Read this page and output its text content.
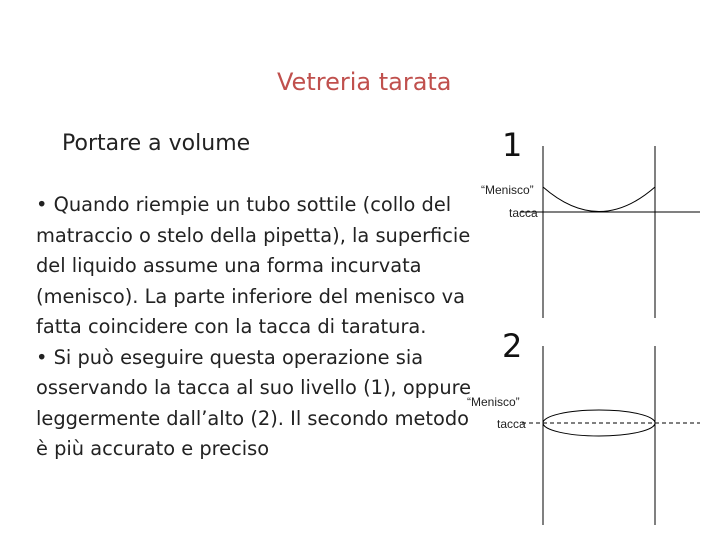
Vetreria tarata
Portare a volume

• Quando riempie un tubo sottile (collo del matraccio o stelo della pipetta), la superficie del liquido assume una forma incurvata (menisco). La parte inferiore del menisco va fatta coincidere con la tacca di taratura.

• Si può eseguire questa operazione sia osservando la tacca al suo livello (1), oppure leggermente dall’alto (2). Il secondo metodo è più accurato e preciso

1
“Menisco”
tacca
2
“Menisco”
tacca
